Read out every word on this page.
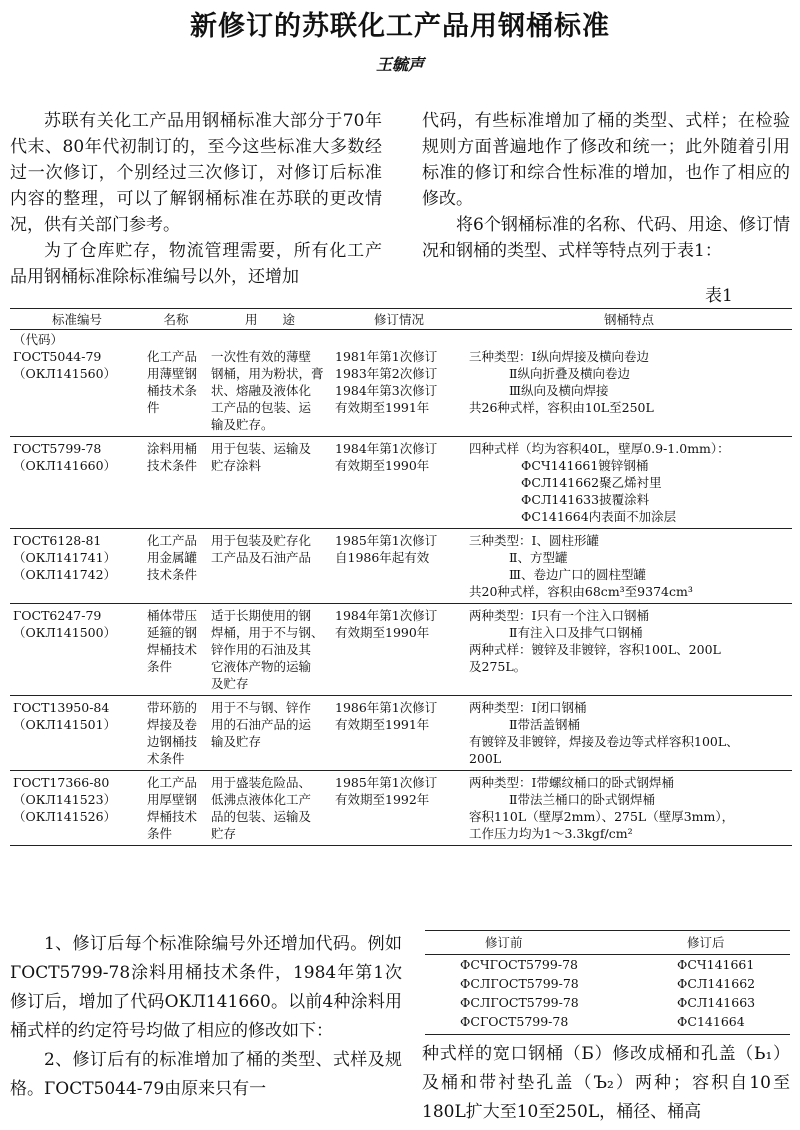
新修订的苏联化工产品用钢桶标准
王毓声

苏联有关化工产品用钢桶标准大部分于70年代末、80年代初制订的，至今这些标准大多数经过一次修订，个别经过三次修订，对修订后标准内容的整理，可以了解钢桶标准在苏联的更改情况，供有关部门参考。

为了仓库贮存，物流管理需要，所有化工产品用钢桶标准除标准编号以外，还增加

代码，有些标准增加了桶的类型、式样；在检验规则方面普遍地作了修改和统一；此外随着引用标准的修订和综合性标准的增加，也作了相应的修改。

将6个钢桶标准的名称、代码、用途、修订情况和钢桶的类型、式样等特点列于表1：

表1
标准编号	名称	用　　途	修订情况	钢桶特点
（代码）				

ГОСТ5044-79
（ОКЛ141560）	化工产品
用薄壁钢
桶技术条
件	一次性有效的薄壁
钢桶，用为粉状，膏
状、熔融及液体化
工产品的包装、运
输及贮存。	1981年第1次修订
1983年第2次修订
1984年第3次修订
有效期至1991年	三种类型：Ⅰ纵向焊接及横向卷边
Ⅱ纵向折叠及横向卷边
Ⅲ纵向及横向焊接
共26种式样，容积由10L至250L

ГОСТ5799-78
（ОКЛ141660）	涂料用桶
技术条件	用于包装、运输及
贮存涂料	1984年第1次修订
有效期至1990年	四种式样（均为容积40L，壁厚0.9-1.0mm）：
ФСЧ141661镀锌钢桶
ФСЛ141662聚乙烯衬里
ФСЛ141633披覆涂料
ФС141664内表面不加涂层

ГОСТ6128-81
（ОКЛ141741）
（ОКЛ141742）	化工产品
用金属罐
技术条件	用于包装及贮存化
工产品及石油产品	1985年第1次修订
自1986年起有效	三种类型：Ⅰ、圆柱形罐
Ⅱ、方型罐
Ⅲ、卷边广口的圆柱型罐
共20种式样，容积由68cm³至9374cm³

ГОСТ6247-79
（ОКЛ141500）	桶体带压
延箍的钢
焊桶技术
条件	适于长期使用的钢
焊桶，用于不与钢、
锌作用的石油及其
它液体产物的运输
及贮存	1984年第1次修订
有效期至1990年	两种类型：Ⅰ只有一个注入口钢桶
Ⅱ有注入口及排气口钢桶
两种式样：镀锌及非镀锌，容积100L、200L
及275L。

ГОСТ13950-84
（ОКЛ141501）	带环筋的
焊接及卷
边钢桶技
术条件	用于不与钢、锌作
用的石油产品的运
输及贮存	1986年第1次修订
有效期至1991年	两种类型：Ⅰ闭口钢桶
Ⅱ带活盖钢桶
有镀锌及非镀锌，焊接及卷边等式样容积100L、
200L

ГОСТ17366-80
（ОКЛ141523）
（ОКЛ141526）	化工产品
用厚壁钢
焊桶技术
条件	用于盛装危险品、
低沸点液体化工产
品的包装、运输及
贮存	1985年第1次修订
有效期至1992年	两种类型：Ⅰ带螺纹桶口的卧式钢焊桶
Ⅱ带法兰桶口的卧式钢焊桶
容积110L（壁厚2mm）、275L（壁厚3mm），
工作压力均为1～3.3kgf/cm²

1、修订后每个标准除编号外还增加代码。例如ГОСТ5799-78涂料用桶技术条件，1984年第1次修订后，增加了代码ОКЛ141660。以前4种涂料用桶式样的约定符号均做了相应的修改如下：

2、修订后有的标准增加了桶的类型、式样及规格。ГОСТ5044-79由原来只有一

修订前	修订后
ФСЧГОСТ5799-78	ФСЧ141661
ФСЛГОСТ5799-78	ФСЛ141662
ФСЛГОСТ5799-78	ФСЛ141663
ФСГОСТ5799-78	ФС141664

种式样的宽口钢桶（Б）修改成桶和孔盖（Ь₁）及桶和带衬垫孔盖（Ъ₂）两种；容积自10至180L扩大至10至250L，桶径、桶高
